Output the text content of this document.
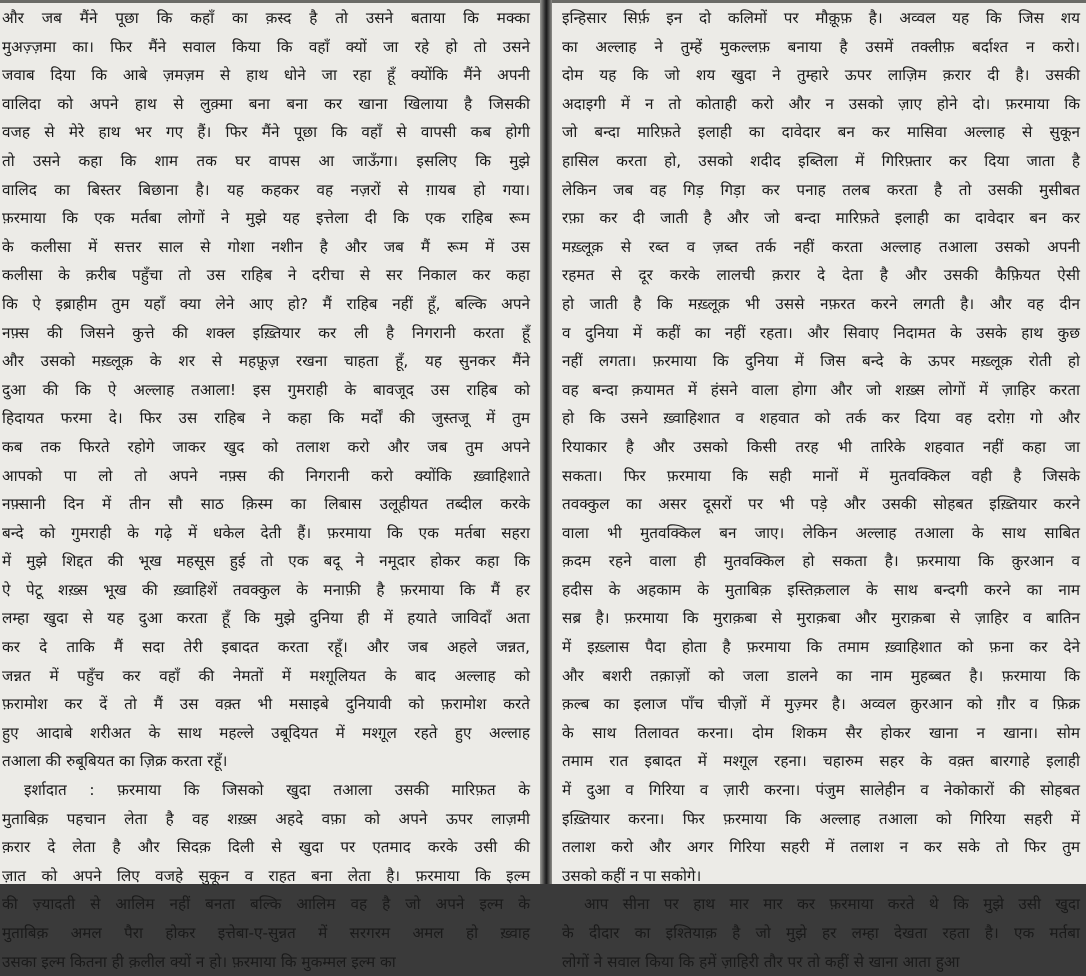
और जब मैंने पूछा कि कहाँ का क़स्द है तो उसने बताया कि मक्का
मुअज़्ज़मा का। फिर मैंने सवाल किया कि वहाँ क्यों जा रहे हो तो उसने
जवाब दिया कि आबे ज़मज़म से हाथ धोने जा रहा हूँ क्योंकि मैंने अपनी
वालिदा को अपने हाथ से लुक़्मा बना बना कर खाना खिलाया है जिसकी
वजह से मेरे हाथ भर गए हैं। फिर मैंने पूछा कि वहाँ से वापसी कब होगी
तो उसने कहा कि शाम तक घर वापस आ जाऊँगा। इसलिए कि मुझे
वालिद का बिस्तर बिछाना है। यह कहकर वह नज़रों से ग़ायब हो गया।
फ़रमाया कि एक मर्तबा लोगों ने मुझे यह इत्तेला दी कि एक राहिब रूम
के कलीसा में सत्तर साल से गोशा नशीन है और जब मैं रूम में उस
कलीसा के क़रीब पहुँचा तो उस राहिब ने दरीचा से सर निकाल कर कहा
कि ऐ इब्राहीम तुम यहाँ क्या लेने आए हो? मैं राहिब नहीं हूँ, बल्कि अपने
नफ़्स की जिसने कुत्ते की शक्ल इख़्तियार कर ली है निगरानी करता हूँ
और उसको मख़्लूक़ के शर से महफ़ूज़ रखना चाहता हूँ, यह सुनकर मैंने
दुआ की कि ऐ अल्लाह तआला! इस गुमराही के बावजूद उस राहिब को
हिदायत फरमा दे। फिर उस राहिब ने कहा कि मर्दों की जुस्तजू में तुम
कब तक फिरते रहोगे जाकर खुद को तलाश करो और जब तुम अपने
आपको पा लो तो अपने नफ़्स की निगरानी करो क्योंकि ख़्वाहिशाते
नफ़्सानी दिन में तीन सौ साठ क़िस्म का लिबास उलूहीयत तब्दील करके
बन्दे को गुमराही के गढ़े में धकेल देती हैं। फ़रमाया कि एक मर्तबा सहरा
में मुझे शिद्दत की भूख महसूस हुई तो एक बदू ने नमूदार होकर कहा कि
ऐ पेटू शख़्स भूख की ख़्वाहिशें तवक्कुल के मनाफ़ी है फ़रमाया कि मैं हर
लम्हा खुदा से यह दुआ करता हूँ कि मुझे दुनिया ही में हयाते जाविदाँ अता
कर दे ताकि मैं सदा तेरी इबादत करता रहूँ। और जब अहले जन्नत,
जन्नत में पहुँच कर वहाँ की नेमतों में मश्ग़ूलियत के बाद अल्लाह को
फ़रामोश कर दें तो मैं उस वक़्त भी मसाइबे दुनियावी को फ़रामोश करते
हुए आदाबे शरीअत के साथ महल्ले उबूदियत में मश्ग़ूल रहते हुए अल्लाह
तआला की रुबूबियत का ज़िक्र करता रहूँ।
इर्शादात : फ़रमाया कि जिसको खुदा तआला उसकी मारिफ़त के
मुताबिक़ पहचान लेता है वह शख़्स अहदे वफ़ा को अपने ऊपर लाज़मी
क़रार दे लेता है और सिदक़ दिली से खुदा पर एतमाद करके उसी की
ज़ात को अपने लिए वजहे सुकून व राहत बना लेता है। फ़रमाया कि इल्म
की ज़्यादती से आलिम नहीं बनता बल्कि आलिम वह है जो अपने इल्म के
मुताबिक़ अमल पैरा होकर इत्तेबा-ए-सुन्नत में सरगरम अमल हो ख़्वाह
उसका इल्म कितना ही क़लील क्यों न हो। फ़रमाया कि मुकम्मल इल्म का
इन्हिसार सिर्फ़ इन दो कलिमों पर मौक़ूफ़ है। अव्वल यह कि जिस शय
का अल्लाह ने तुम्हें मुकल्लफ़ बनाया है उसमें तक्लीफ़ बर्दाश्त न करो।
दोम यह कि जो शय खुदा ने तुम्हारे ऊपर लाज़िम क़रार दी है। उसकी
अदाइगी में न तो कोताही करो और न उसको ज़ाए होने दो। फ़रमाया कि
जो बन्दा मारिफ़ते इलाही का दावेदार बन कर मासिवा अल्लाह से सुकून
हासिल करता हो, उसको शदीद इब्तिला में गिरिफ़्तार कर दिया जाता है
लेकिन जब वह गिड़ गिड़ा कर पनाह तलब करता है तो उसकी मुसीबत
रफ़ा कर दी जाती है और जो बन्दा मारिफ़ते इलाही का दावेदार बन कर
मख़्लूक़ से रब्त व ज़ब्त तर्क नहीं करता अल्लाह तआला उसको अपनी
रहमत से दूर करके लालची क़रार दे देता है और उसकी कैफ़ियत ऐसी
हो जाती है कि मख़्लूक़ भी उससे नफ़रत करने लगती है। और वह दीन
व दुनिया में कहीं का नहीं रहता। और सिवाए निदामत के उसके हाथ कुछ
नहीं लगता। फ़रमाया कि दुनिया में जिस बन्दे के ऊपर मख़्लूक़ रोती हो
वह बन्दा क़यामत में हंसने वाला होगा और जो शख़्स लोगों में ज़ाहिर करता
हो कि उसने ख़्वाहिशात व शहवात को तर्क कर दिया वह दरोग़ गो और
रियाकार है और उसको किसी तरह भी तारिके शहवात नहीं कहा जा
सकता। फिर फ़रमाया कि सही मानों में मुतवक्किल वही है जिसके
तवक्कुल का असर दूसरों पर भी पड़े और उसकी सोहबत इख़्तियार करने
वाला भी मुतवक्किल बन जाए। लेकिन अल्लाह तआला के साथ साबित
क़दम रहने वाला ही मुतवक्किल हो सकता है। फ़रमाया कि क़ुरआन व
हदीस के अहकाम के मुताबिक़ इस्तिक़लाल के साथ बन्दगी करने का नाम
सब्र है। फ़रमाया कि मुराक़बा से मुराक़बा और मुराक़बा से ज़ाहिर व बातिन
में इख़्लास पैदा होता है फ़रमाया कि तमाम ख़्वाहिशात को फ़ना कर देने
और बशरी तक़ाज़ों को जला डालने का नाम मुहब्बत है। फ़रमाया कि
क़ल्ब का इलाज पाँच चीज़ों में मुज़्मर है। अव्वल क़ुरआन को ग़ौर व फ़िक्र
के साथ तिलावत करना। दोम शिकम सैर होकर खाना न खाना। सोम
तमाम रात इबादत में मश्ग़ूल रहना। चहारुम सहर के वक़्त बारगाहे इलाही
में दुआ व गिरिया व ज़ारी करना। पंजुम सालेहीन व नेकोकारों की सोहबत
इख़्तियार करना। फिर फ़रमाया कि अल्लाह तआला को गिरिया सहरी में
तलाश करो और अगर गिरिया सहरी में तलाश न कर सके तो फिर तुम
उसको कहीं न पा सकोगे।
आप सीना पर हाथ मार मार कर फ़रमाया करते थे कि मुझे उसी खुदा
के दीदार का इश्तियाक़ है जो मुझे हर लम्हा देखता रहता है। एक मर्तबा
लोगों ने सवाल किया कि हमें ज़ाहिरी तौर पर तो कहीं से खाना आता हुआ
